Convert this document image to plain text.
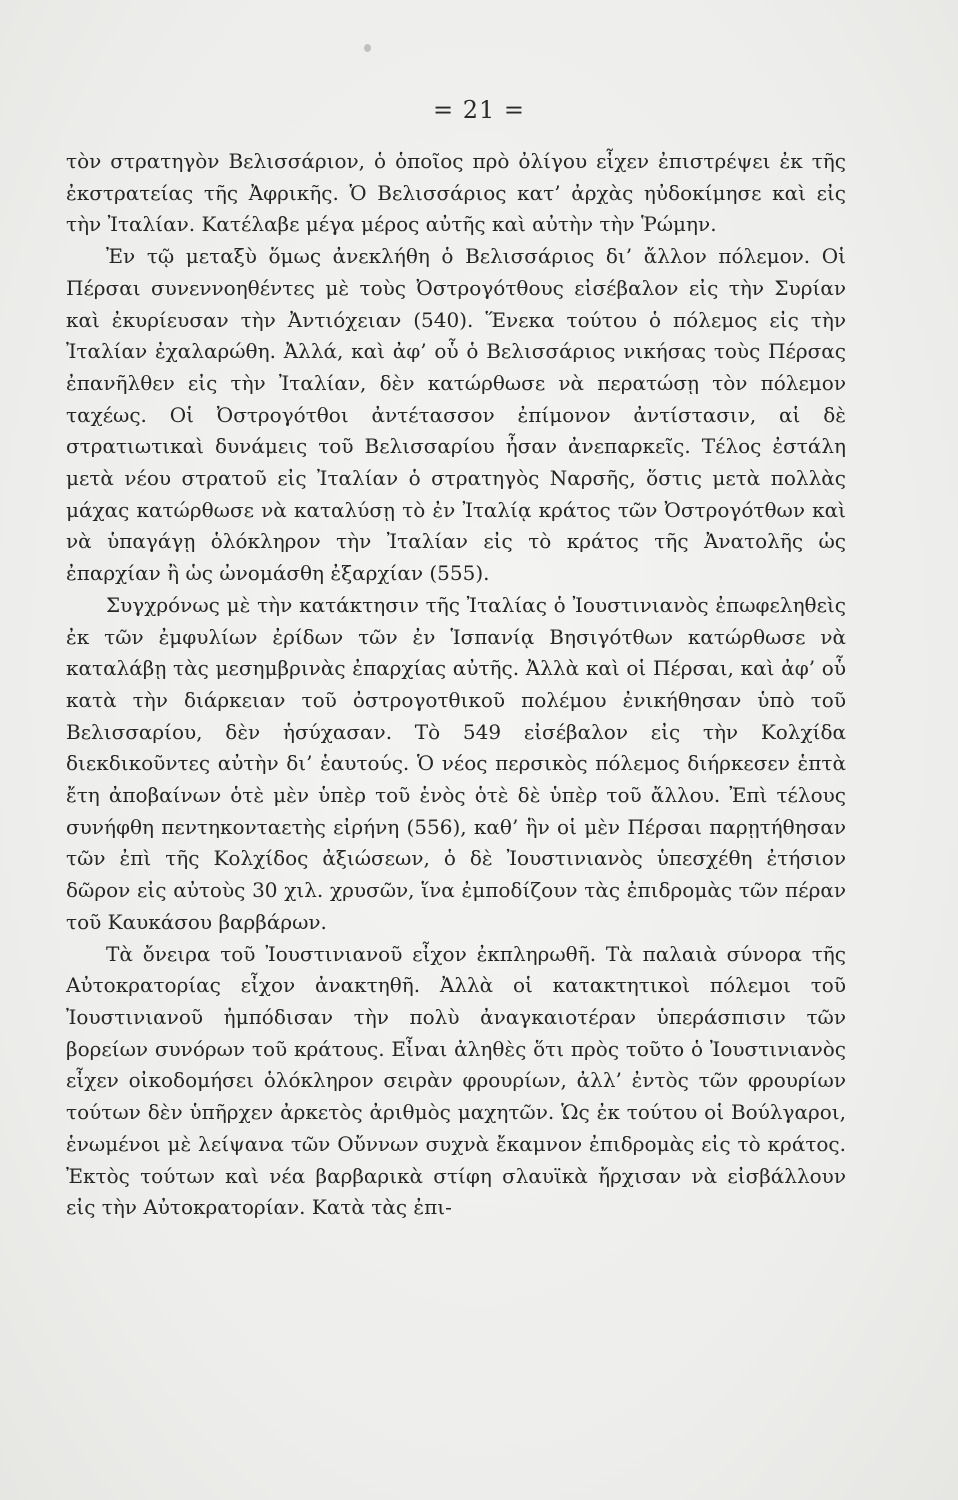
= 21 =

τὸν στρατηγὸν Βελισσάριον, ὁ ὁποῖος πρὸ ὀλίγου εἶχεν ἐπιστρέψει ἐκ τῆς ἐκστρατείας τῆς Ἀφρικῆς. Ὁ Βελισσάριος κατ’ ἀρχὰς ηὐδοκίμησε καὶ εἰς τὴν Ἰταλίαν. Κατέλαβε μέγα μέρος αὐτῆς καὶ αὐτὴν τὴν Ῥώμην.

Ἐν τῷ μεταξὺ ὅμως ἀνεκλήθη ὁ Βελισσάριος δι’ ἄλλον πόλεμον. Οἱ Πέρσαι συνεννοηθέντες μὲ τοὺς Ὀστρογότθους εἰσέβαλον εἰς τὴν Συρίαν καὶ ἐκυρίευσαν τὴν Ἀντιόχειαν (540). Ἕνεκα τούτου ὁ πόλεμος εἰς τὴν Ἰταλίαν ἐχαλαρώθη. Ἀλλά, καὶ ἀφ’ οὗ ὁ Βελισσάριος νικήσας τοὺς Πέρσας ἐπανῆλθεν εἰς τὴν Ἰταλίαν, δὲν κατώρθωσε νὰ περατώσῃ τὸν πόλεμον ταχέως. Οἱ Ὀστρογότθοι ἀντέτασσον ἐπίμονον ἀντίστασιν, αἱ δὲ στρατιωτικαὶ δυνάμεις τοῦ Βελισσαρίου ἦσαν ἀνεπαρκεῖς. Τέλος ἐστάλη μετὰ νέου στρατοῦ εἰς Ἰταλίαν ὁ στρατηγὸς Ναρσῆς, ὅστις μετὰ πολλὰς μάχας κατώρθωσε νὰ καταλύσῃ τὸ ἐν Ἰταλίᾳ κράτος τῶν Ὀστρογότθων καὶ νὰ ὑπαγάγῃ ὁλόκληρον τὴν Ἰταλίαν εἰς τὸ κράτος τῆς Ἀνατολῆς ὡς ἐπαρχίαν ἢ ὡς ὠνομάσθη ἐξαρχίαν (555).

Συγχρόνως μὲ τὴν κατάκτησιν τῆς Ἰταλίας ὁ Ἰουστινιανὸς ἐπωφεληθεὶς ἐκ τῶν ἐμφυλίων ἐρίδων τῶν ἐν Ἱσπανίᾳ Βησιγότθων κατώρθωσε νὰ καταλάβῃ τὰς μεσημβρινὰς ἐπαρχίας αὐτῆς. Ἀλλὰ καὶ οἱ Πέρσαι, καὶ ἀφ’ οὗ κατὰ τὴν διάρκειαν τοῦ ὀστρογοτθικοῦ πολέμου ἐνικήθησαν ὑπὸ τοῦ Βελισσαρίου, δὲν ἡσύχασαν. Τὸ 549 εἰσέβαλον εἰς τὴν Κολχίδα διεκδικοῦντες αὐτὴν δι’ ἑαυτούς. Ὁ νέος περσικὸς πόλεμος διήρκεσεν ἑπτὰ ἔτη ἀποβαίνων ὁτὲ μὲν ὑπὲρ τοῦ ἑνὸς ὁτὲ δὲ ὑπὲρ τοῦ ἄλλου. Ἐπὶ τέλους συνήφθη πεντηκονταετὴς εἰρήνη (556), καθ’ ἣν οἱ μὲν Πέρσαι παρῃτήθησαν τῶν ἐπὶ τῆς Κολχίδος ἀξιώσεων, ὁ δὲ Ἰουστινιανὸς ὑπεσχέθη ἐτήσιον δῶρον εἰς αὐτοὺς 30 χιλ. χρυσῶν, ἵνα ἐμποδίζουν τὰς ἐπιδρομὰς τῶν πέραν τοῦ Καυκάσου βαρβάρων.

Τὰ ὄνειρα τοῦ Ἰουστινιανοῦ εἶχον ἐκπληρωθῆ. Τὰ παλαιὰ σύνορα τῆς Αὐτοκρατορίας εἶχον ἀνακτηθῆ. Ἀλλὰ οἱ κατακτητικοὶ πόλεμοι τοῦ Ἰουστινιανοῦ ἠμπόδισαν τὴν πολὺ ἀναγκαιοτέραν ὑπεράσπισιν τῶν βορείων συνόρων τοῦ κράτους. Εἶναι ἀληθὲς ὅτι πρὸς τοῦτο ὁ Ἰουστινιανὸς εἶχεν οἰκοδομήσει ὁλόκληρον σειρὰν φρουρίων, ἀλλ’ ἐντὸς τῶν φρουρίων τούτων δὲν ὑπῆρχεν ἀρκετὸς ἀριθμὸς μαχητῶν. Ὡς ἐκ τούτου οἱ Βούλγαροι, ἑνωμένοι μὲ λείψανα τῶν Οὔννων συχνὰ ἔκαμνον ἐπιδρομὰς εἰς τὸ κράτος. Ἐκτὸς τούτων καὶ νέα βαρβαρικὰ στίφη σλαυϊκὰ ἤρχισαν νὰ εἰσβάλλουν εἰς τὴν Αὐτοκρατορίαν. Κατὰ τὰς ἐπι-
